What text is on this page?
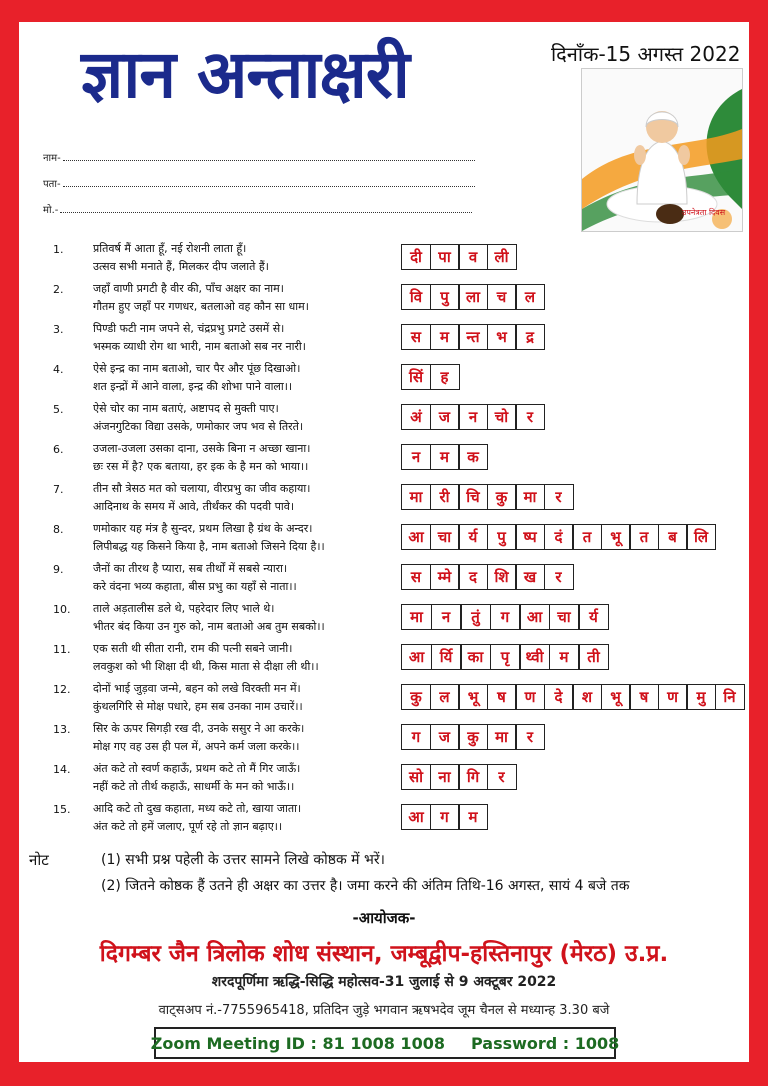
ज्ञान अन्ताक्षरी	दिनाँक-15 अगस्त 2022
उपनेत्रता दिवस
नाम-
पता-
मो.-
1.	प्रतिवर्ष मैं आता हूँ, नई रोशनी लाता हूँ।
उत्सव सभी मनाते हैं, मिलकर दीप जलाते हैं।
दी	पा	व	ली
2.	जहाँ वाणी प्रगटी है वीर की, पाँच अक्षर का नाम।
गौतम हुए जहाँ पर गणधर, बतलाओ वह कौन सा धाम।
वि	पु	ला	च	ल
3.	पिण्डी फटी नाम जपने से, चंद्रप्रभु प्रगटे उसमें से।
भस्मक व्याधी रोग था भारी, नाम बताओ सब नर नारी।
स	म	न्त	भ	द्र
4.	ऐसे इन्द्र का नाम बताओ, चार पैर और पूंछ दिखाओ।
शत इन्द्रों में आने वाला, इन्द्र की शोभा पाने वाला।।
सिं	ह
5.	ऐसे चोर का नाम बताएं, अष्टापद से मुक्ती पाए।
अंजनगुटिका विद्या उसके, णमोकार जप भव से तिरते।
अं	ज	न	चो	र
6.	उजला-उजला उसका दाना, उसके बिना न अच्छा खाना।
छः रस में है? एक बताया, हर इक के है मन को भाया।।
न	म	क
7.	तीन सौ त्रेसठ मत को चलाया, वीरप्रभु का जीव कहाया।
आदिनाथ के समय में आवे, तीर्थंकर की पदवी पावे।
मा	री	चि	कु	मा	र
8.	णमोकार यह मंत्र है सुन्दर, प्रथम लिखा है ग्रंथ के अन्दर।
लिपीबद्ध यह किसने किया है, नाम बताओ जिसने दिया है।।
आ चा	र्य	पु	ष्प	दं	त	भू	त	ब	लि
9.	जैनों का तीरथ है प्यारा, सब तीर्थों में सबसे न्यारा।
करे वंदना भव्य कहाता, बीस प्रभु का यहाँ से नाता।।
स	म्मे	द	शि	ख	र
10.	ताले अड़तालीस डले थे, पहरेदार लिए भाले थे।
भीतर बंद किया उन गुरु को, नाम बताओ अब तुम सबको।।
मा	न	तुं	ग	आ	चा	र्य
11.	एक सती थी सीता रानी, राम की पत्नी सबने जानी।
लवकुश को भी शिक्षा दी थी, किस माता से दीक्षा ली थी।।
आ	र्यि	का	पृ	थ्वी	म	ती
12.	दोनों भाई जुड़वा जन्मे, बहन को लखे विरक्ती मन में।
कुंथलगिरि से मोक्ष पधारे, हम सब उनका नाम उचारें।।
कु	ल	भू	ष	ण	दे	श	भू	ष	ण	मु	नि
13.	सिर के ऊपर सिगड़ी रख दी, उनके ससुर ने आ करके।
मोक्ष गए वह उस ही पल में, अपने कर्म जला करके।।
ग	ज	कु	मा	र
14.	अंत कटे तो स्वर्ण कहाऊँ, प्रथम कटे तो मैं गिर जाऊँ।
नहीं कटे तो तीर्थ कहाऊँ, साधर्मी के मन को भाऊँ।।
सो	ना	गि	र
15.	आदि कटे तो दुख कहाता, मध्य कटे तो, खाया जाता।
अंत कटे तो हमें जलाए, पूर्ण रहे तो ज्ञान बढ़ाए।।
आ	ग	म
नोट	(1) सभी प्रश्न पहेली के उत्तर सामने लिखे कोष्ठक में भरें।
(2) जितने कोष्ठक हैं उतने ही अक्षर का उत्तर है। जमा करने की अंतिम तिथि-16 अगस्त, सायं 4 बजे तक
-आयोजक-
दिगम्बर जैन त्रिलोक शोध संस्थान, जम्बूद्वीप-हस्तिनापुर (मेरठ) उ.प्र.
शरदपूर्णिमा ऋद्धि-सिद्धि महोत्सव-31 जुलाई से 9 अक्टूबर 2022
वाट्सअप नं.-7755965418, प्रतिदिन जुड़े भगवान ऋषभदेव जूम चैनल से मध्यान्ह 3.30 बजे
Zoom Meeting ID : 81 1008 1008 Password : 1008
